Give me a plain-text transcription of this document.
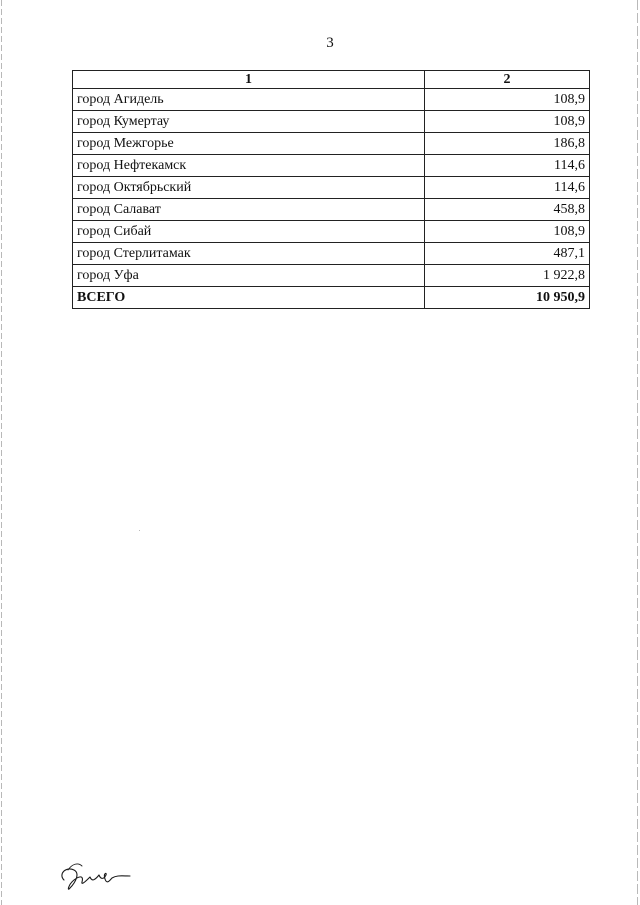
3
1	2
город Агидель	108,9
город Кумертау	108,9
город Межгорье	186,8
город Нефтекамск	114,6
город Октябрьский	114,6
город Салават	458,8
город Сибай	108,9
город Стерлитамак	487,1
город Уфа	1 922,8
ВСЕГО	10 950,9
